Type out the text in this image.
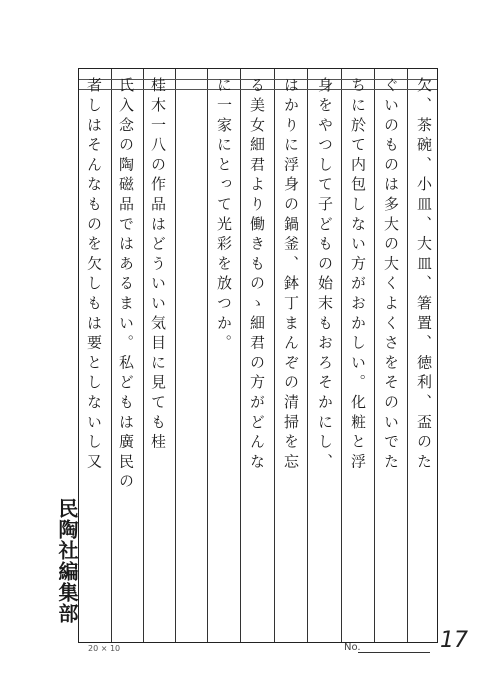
欠、茶碗、小皿、大皿、箸置、徳利、盃のた
ぐいのものは多大の大くよくさをそのいでた
ちに於て内包しない方がおかしい。化粧と浮
身をやつして子どもの始末もおろそかにし、
はかりに浮身の鍋釜、鉢丁まんぞの清掃を忘
る美女細君より働きものゝ細君の方がどんな
に一家にとって光彩を放つか。
桂木一八の作品はどういい気目に見ても桂
氏入念の陶磁品ではあるまい。私どもは廣民の
者しはそんなものを欠しもは要としないし又
民陶社編集部
20 × 10	No.	17
